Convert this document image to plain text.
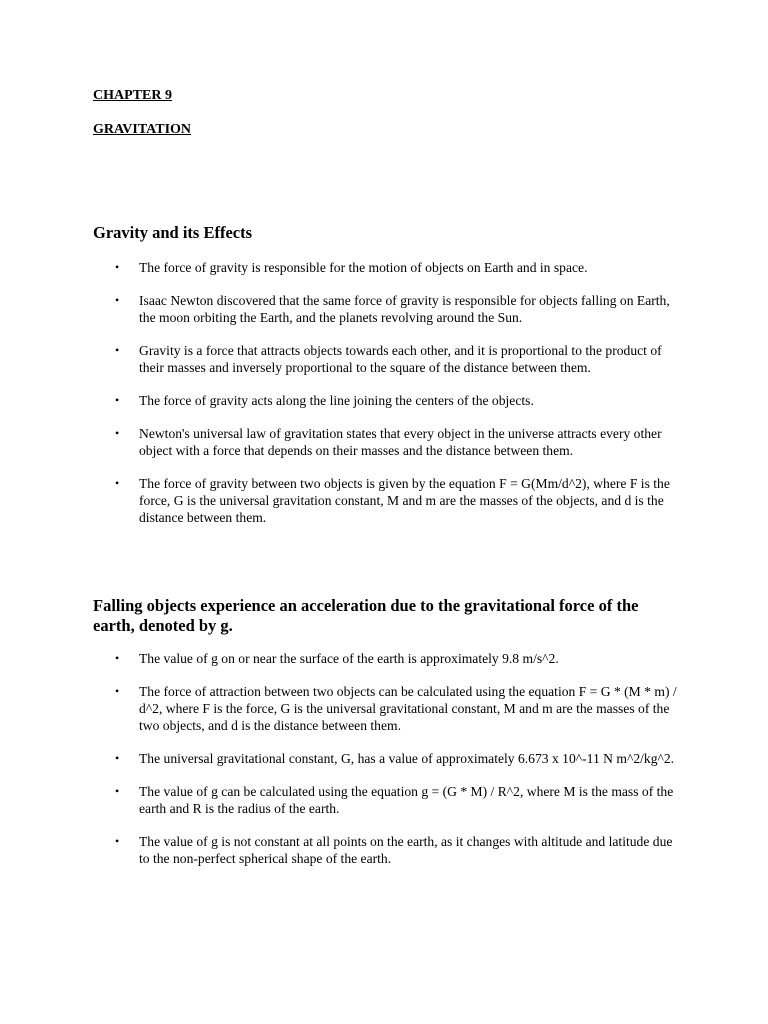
CHAPTER 9

GRAVITATION

Gravity and its Effects
• The force of gravity is responsible for the motion of objects on Earth and in space.
• Isaac Newton discovered that the same force of gravity is responsible for objects falling on Earth, the moon orbiting the Earth, and the planets revolving around the Sun.
• Gravity is a force that attracts objects towards each other, and it is proportional to the product of their masses and inversely proportional to the square of the distance between them.
• The force of gravity acts along the line joining the centers of the objects.
• Newton's universal law of gravitation states that every object in the universe attracts every other object with a force that depends on their masses and the distance between them.
• The force of gravity between two objects is given by the equation F = G(Mm/d^2), where F is the force, G is the universal gravitation constant, M and m are the masses of the objects, and d is the distance between them.
Falling objects experience an acceleration due to the gravitational force of the earth, denoted by g.
• The value of g on or near the surface of the earth is approximately 9.8 m/s^2.
• The force of attraction between two objects can be calculated using the equation F = G * (M * m) / d^2, where F is the force, G is the universal gravitational constant, M and m are the masses of the two objects, and d is the distance between them.
• The universal gravitational constant, G, has a value of approximately 6.673 x 10^-11 N m^2/kg^2.
• The value of g can be calculated using the equation g = (G * M) / R^2, where M is the mass of the earth and R is the radius of the earth.
• The value of g is not constant at all points on the earth, as it changes with altitude and latitude due to the non-perfect spherical shape of the earth.
